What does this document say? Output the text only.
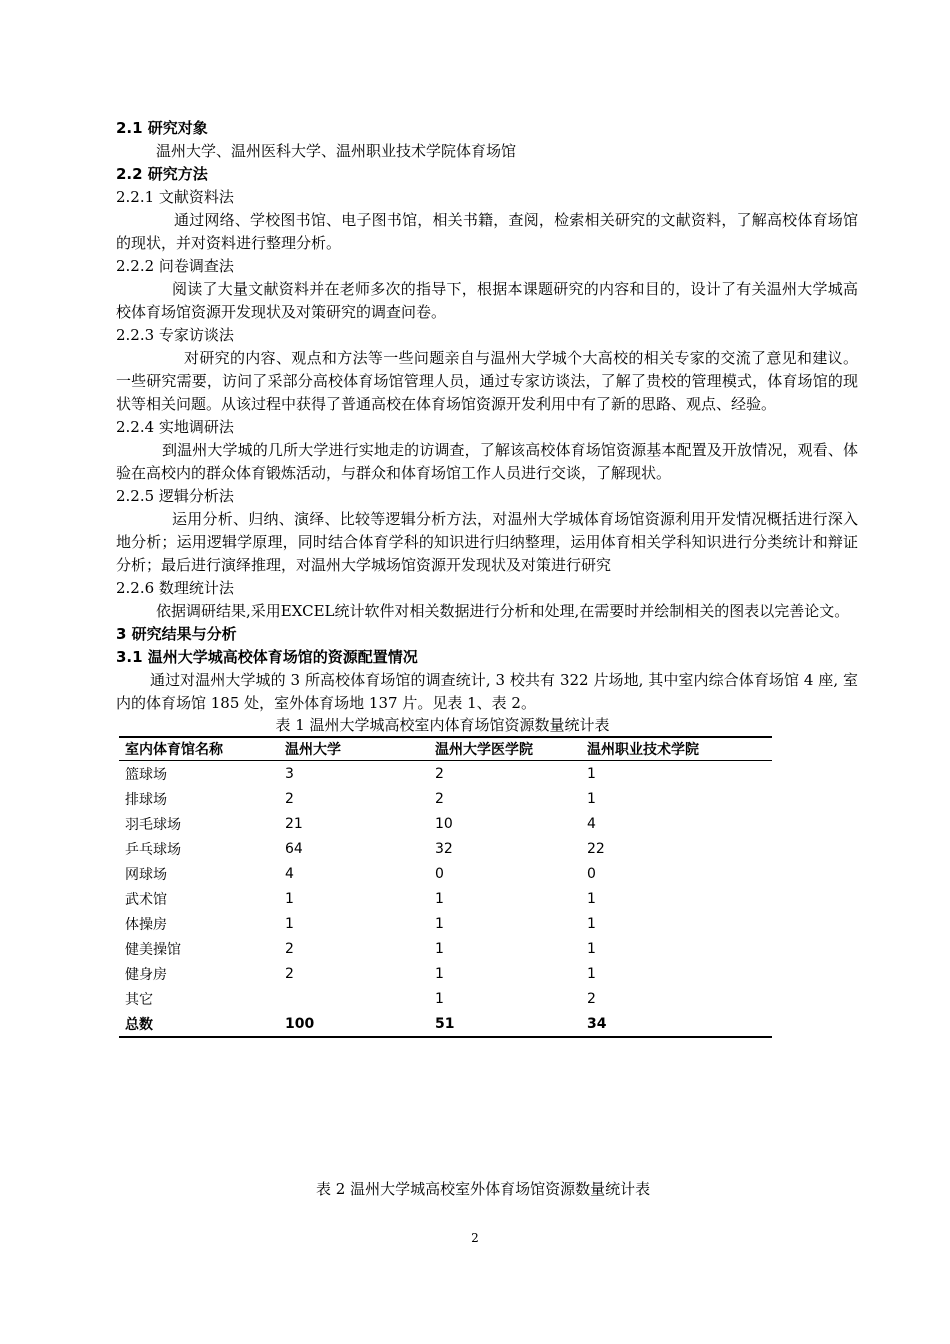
2.1 研究对象
温州大学、温州医科大学、温州职业技术学院体育场馆
2.2 研究方法
2.2.1 文献资料法
通过网络、学校图书馆、电子图书馆，相关书籍，查阅，检索相关研究的文献资料，了解高校体育场馆的现状，并对资料进行整理分析。
2.2.2 问卷调查法
阅读了大量文献资料并在老师多次的指导下，根据本课题研究的内容和目的，设计了有关温州大学城高校体育场馆资源开发现状及对策研究的调查问卷。
2.2.3 专家访谈法
对研究的内容、观点和方法等一些问题亲自与温州大学城个大高校的相关专家的交流了意见和建议。一些研究需要，访问了采部分高校体育场馆管理人员，通过专家访谈法，了解了贵校的管理模式，体育场馆的现状等相关问题。从该过程中获得了普通高校在体育场馆资源开发利用中有了新的思路、观点、经验。
2.2.4 实地调研法
到温州大学城的几所大学进行实地走的访调查，了解该高校体育场馆资源基本配置及开放情况，观看、体验在高校内的群众体育锻炼活动，与群众和体育场馆工作人员进行交谈，了解现状。
2.2.5 逻辑分析法
运用分析、归纳、演绎、比较等逻辑分析方法，对温州大学城体育场馆资源利用开发情况概括进行深入地分析；运用逻辑学原理，同时结合体育学科的知识进行归纳整理，运用体育相关学科知识进行分类统计和辩证分析；最后进行演绎推理，对温州大学城场馆资源开发现状及对策进行研究
2.2.6 数理统计法
依据调研结果,采用EXCEL统计软件对相关数据进行分析和处理,在需要时并绘制相关的图表以完善论文。
3 研究结果与分析
3.1 温州大学城高校体育场馆的资源配置情况
通过对温州大学城的 3 所高校体育场馆的调查统计, 3 校共有 322 片场地, 其中室内综合体育场馆 4 座, 室内的体育场馆 185 处，室外体育场地 137 片。见表 1、表 2。
表 1 温州大学城高校室内体育场馆资源数量统计表
室内体育馆名称	温州大学	温州大学医学院	温州职业技术学院
篮球场	3	2	1
排球场	2	2	1
羽毛球场	21	10	4
乒乓球场	64	32	22
网球场	4	0	0
武术馆	1	1	1
体操房	1	1	1
健美操馆	2	1	1
健身房	2	1	1
其它		1	2
总数	100	51	34
表 2 温州大学城高校室外体育场馆资源数量统计表
2
